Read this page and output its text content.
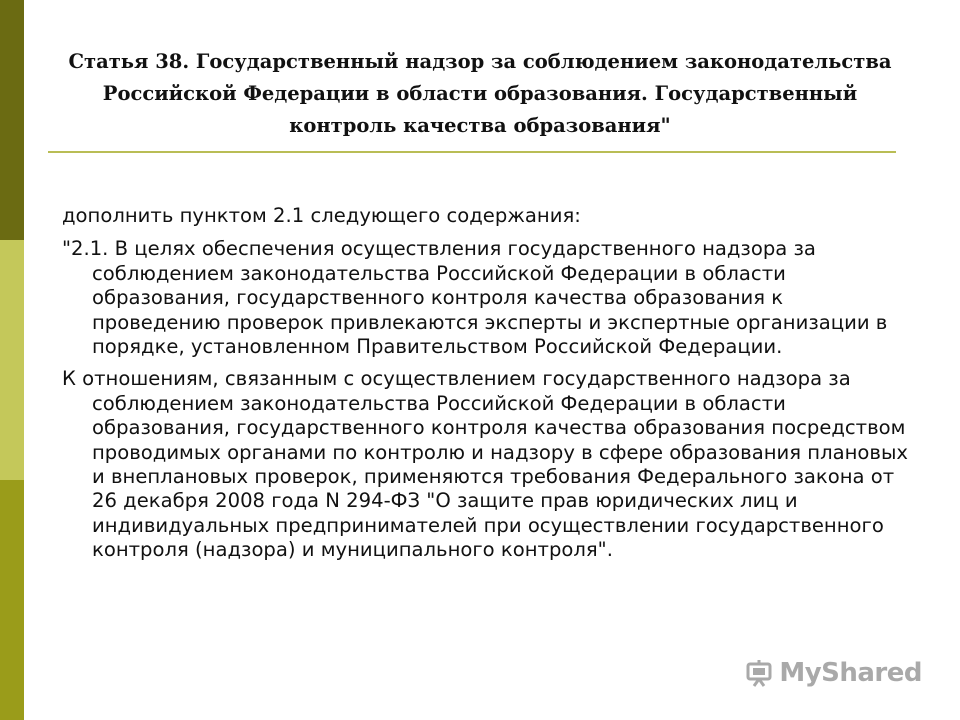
Статья 38. Государственный надзор за соблюдением законодательства
Российской Федерации в области образования. Государственный
контроль качества образования"

дополнить пунктом 2.1 следующего содержания:

"2.1. В целях обеспечения осуществления государственного надзора за соблюдением законодательства Российской Федерации в области образования, государственного контроля качества образования к проведению проверок привлекаются эксперты и экспертные организации в порядке, установленном Правительством Российской Федерации.

К отношениям, связанным с осуществлением государственного надзора за соблюдением законодательства Российской Федерации в области образования, государственного контроля качества образования посредством проводимых органами по контролю и надзору в сфере образования плановых и внеплановых проверок, применяются требования Федерального закона от 26 декабря 2008 года N 294-ФЗ "О защите прав юридических лиц и индивидуальных предпринимателей при осуществлении государственного контроля (надзора) и муниципального контроля".

MyShared
